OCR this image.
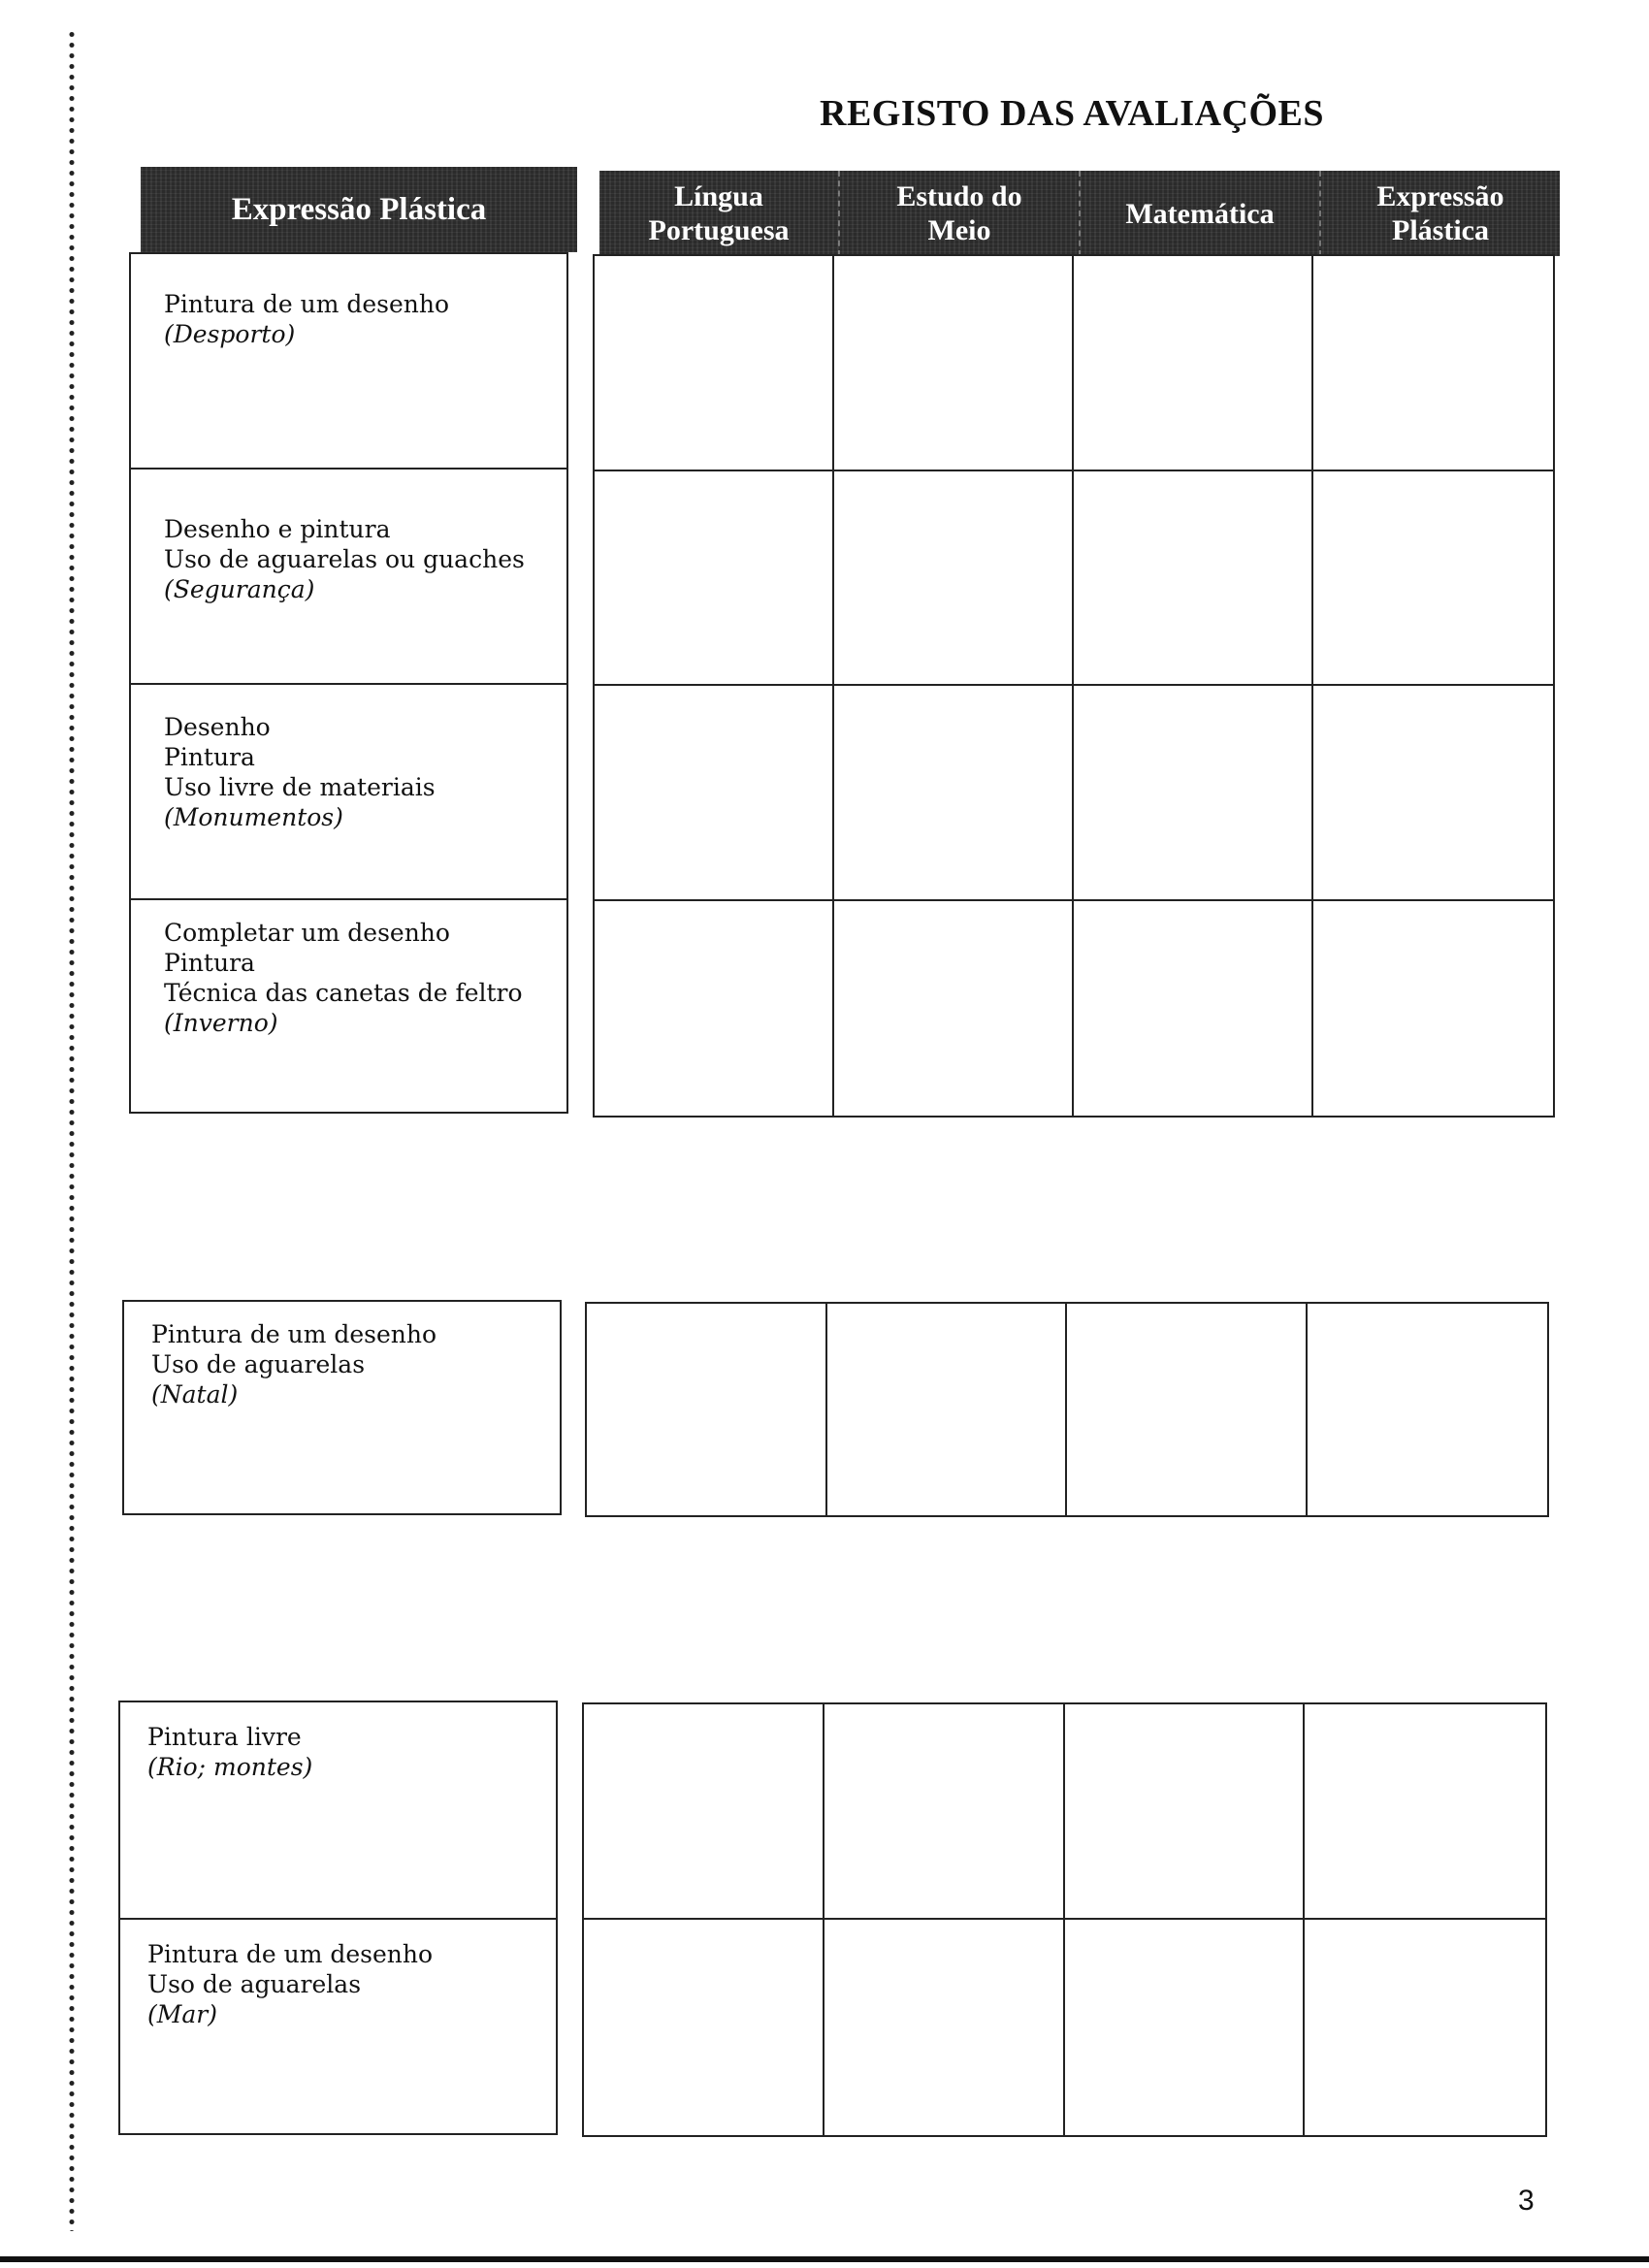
REGISTO DAS AVALIAÇÕES
Expressão Plástica	Língua
Portuguesa
Estudo do
Meio
Matemática
Expressão
Plástica
Pintura de um desenho
(Desporto)
Desenho e pintura
Uso de aguarelas ou guaches
(Segurança)
Desenho
Pintura
Uso livre de materiais
(Monumentos)
Completar um desenho
Pintura
Técnica das canetas de feltro
(Inverno)
Pintura de um desenho
Uso de aguarelas
(Natal)
Pintura livre
(Rio; montes)
Pintura de um desenho
Uso de aguarelas
(Mar)
3
